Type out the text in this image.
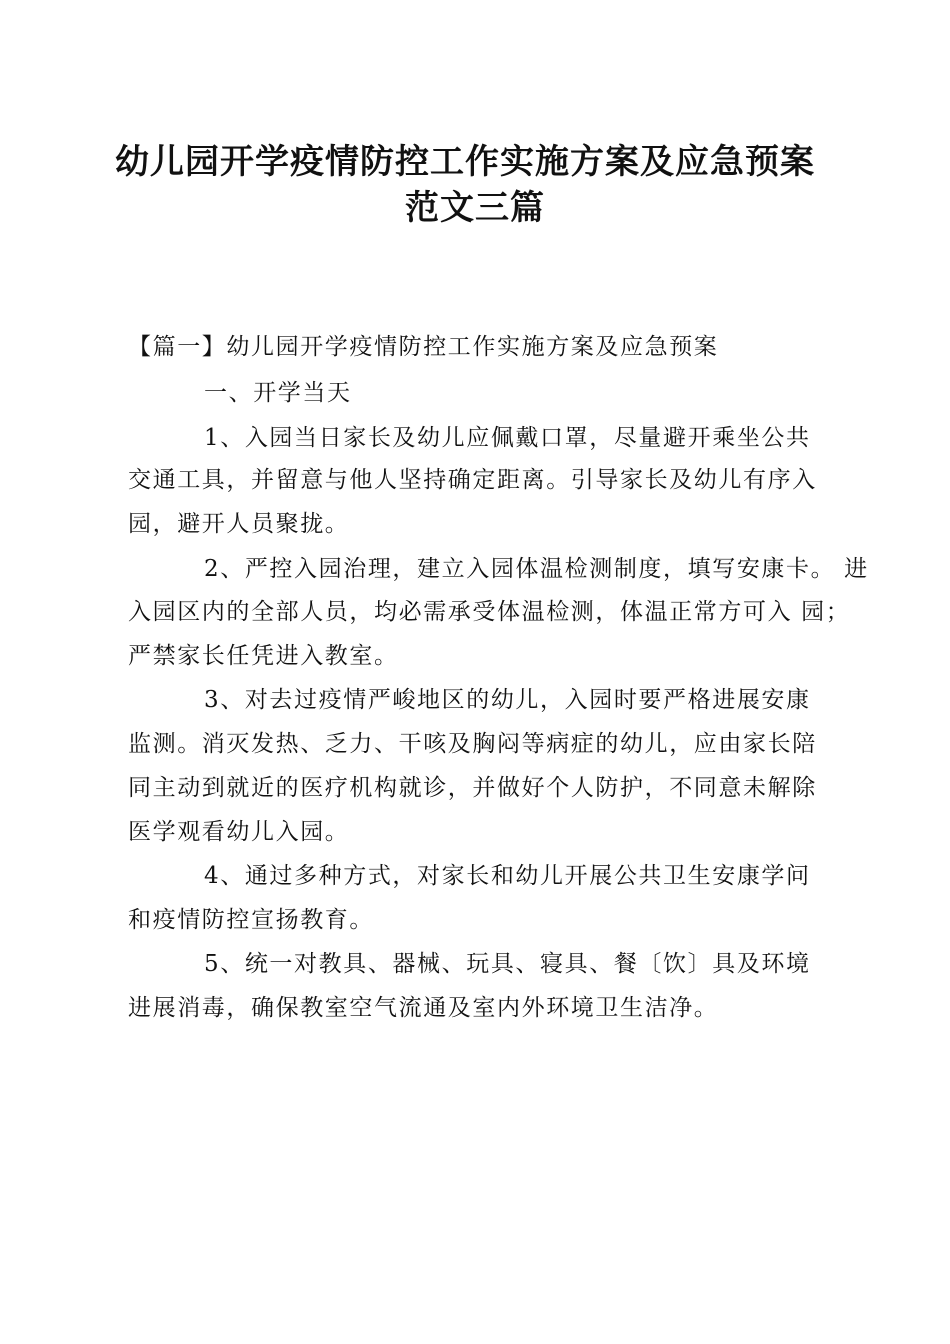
幼儿园开学疫情防控工作实施方案及应急预案
范文三篇
【篇一】幼儿园开学疫情防控工作实施方案及应急预案
一、开学当天
1、入园当日家长及幼儿应佩戴口罩，尽量避开乘坐公共
交通工具，并留意与他人坚持确定距离。引导家长及幼儿有序入
园，避开人员聚拢。
2、严控入园治理，建立入园体温检测制度，填写安康卡。 进
入园区内的全部人员，均必需承受体温检测，体温正常方可入 园；
严禁家长任凭进入教室。
3、对去过疫情严峻地区的幼儿，入园时要严格进展安康
监测。消灭发热、乏力、干咳及胸闷等病症的幼儿，应由家长陪
同主动到就近的医疗机构就诊，并做好个人防护，不同意未解除
医学观看幼儿入园。
4、通过多种方式，对家长和幼儿开展公共卫生安康学问
和疫情防控宣扬教育。
5、统一对教具、器械、玩具、寝具、餐〔饮〕具及环境
进展消毒，确保教室空气流通及室内外环境卫生洁净。
